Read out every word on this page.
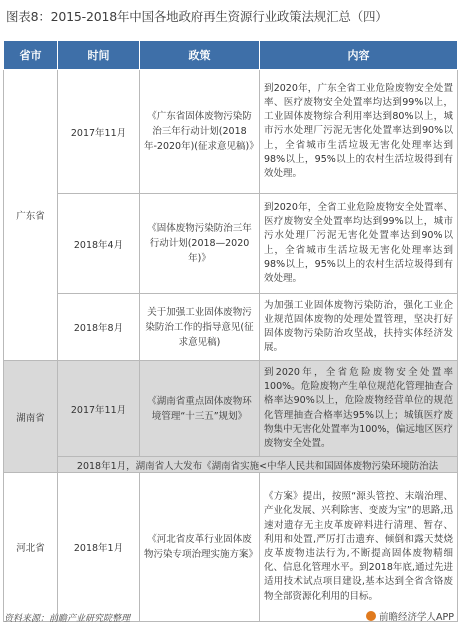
图表8：2015-2018年中国各地政府再生资源行业政策法规汇总（四）
省市	时间	政策	内容
广东省	2017年11月	《广东省固体废物污染防治三年行动计划(2018年-2020年)(征求意见稿)》	到2020年，广东全省工业危险废物安全处置率、医疗废物安全处置率均达到99%以上，工业固体废物综合利用率达到80%以上，城市污水处理厂污泥无害化处置率达到90%以上，全省城市生活垃圾无害化处理率达到98%以上，95%以上的农村生活垃圾得到有效处理。
	2018年4月	《固体废物污染防治三年行动计划(2018—2020年)》	到2020年，全省工业危险废物安全处置率、医疗废物安全处置率均达到99%以上，城市污水处理厂污泥无害化处置率达到90%以上，全省城市生活垃圾无害化处理率达到98%以上，95%以上的农村生活垃圾得到有效处理。
	2018年8月	关于加强工业固体废物污染防治工作的指导意见(征求意见稿)	为加强工业固体废物污染防治，强化工业企业规范固体废物的处理处置管理，坚决打好固体废物污染防治攻坚战，扶持实体经济发展。
湖南省	2017年11月	《湖南省重点固体废物环境管理“十三五”规划》	到2020年，全省危险废物安全处置率100%。危险废物产生单位规范化管理抽查合格率达90%以上，危险废物经营单位的规范化管理抽查合格率达95%以上；城镇医疗废物集中无害化处置率为100%，偏远地区医疗废物安全处置。
	2018年1月，湖南省人大发布《湖南省实施<中华人民共和国固体废物污染环境防治法		
河北省	2018年1月	《河北省皮革行业固体废物污染专项治理实施方案》	《方案》提出，按照“源头管控、末端治理、产业化发展、兴利除害、变废为宝”的思路,迅速对遗存无主皮革废碎料进行清理、暂存、利用和处置,严厉打击遗弃、倾倒和露天焚烧皮革废物违法行为,不断提高固体废物精细化、信息化管理水平。到2018年底,通过先进适用技术试点项目建设,基本达到全省含铬废物全部资源化利用的目标。
资料来源：前瞻产业研究院整理	前瞻经济学人APP
